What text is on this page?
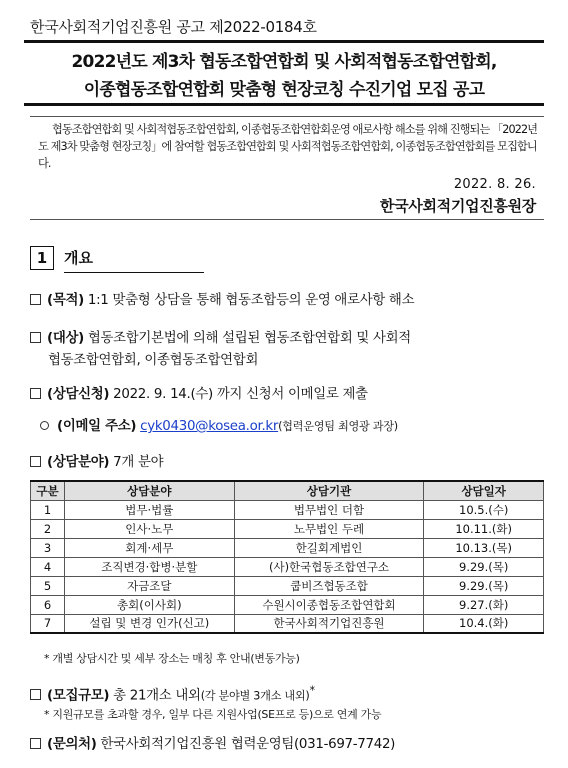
한국사회적기업진흥원 공고 제2022-0184호
2022년도 제3차 협동조합연합회 및 사회적협동조합연합회,
이종협동조합연합회 맞춤형 현장코칭 수진기업 모집 공고
협동조합연합회 및 사회적협동조합연합회, 이종협동조합연합회운영 애로사항 해소를 위해 진행되는 「2022년도 제3차 맞춤형 현장코칭」에 참여할 협동조합연합회 및 사회적협동조합연합회, 이종협동조합연합회를 모집합니다.
2022. 8. 26.
한국사회적기업진흥원장
1	개요
(목적) 1:1 맞춤형 상담을 통해 협동조합등의 운영 애로사항 해소
(대상) 협동조합기본법에 의해 설립된 협동조합연합회 및 사회적
협동조합연합회, 이종협동조합연합회
(상담신청) 2022. 9. 14.(수) 까지 신청서 이메일로 제출
(이메일 주소) cyk0430@kosea.or.kr(협력운영팀 최영광 과장)
(상담분야) 7개 분야
구분	상담분야	상담기관	상담일자
1	법무·법률	법무법인 더함	10.5.(수)
2	인사·노무	노무법인 두레	10.11.(화)
3	회계·세무	한길회계법인	10.13.(목)
4	조직변경·합병·분할	(사)한국협동조합연구소	9.29.(목)
5	자금조달	쿱비즈협동조합	9.29.(목)
6	총회(이사회)	수원시이종협동조합연합회	9.27.(화)
7	설립 및 변경 인가(신고)	한국사회적기업진흥원	10.4.(화)
* 개별 상담시간 및 세부 장소는 매칭 후 안내(변동가능)
(모집규모) 총 21개소 내외(각 분야별 3개소 내외)*
* 지원규모를 초과할 경우, 일부 다른 지원사업(SE프로 등)으로 연계 가능
(문의처) 한국사회적기업진흥원 협력운영팀(031-697-7742)
